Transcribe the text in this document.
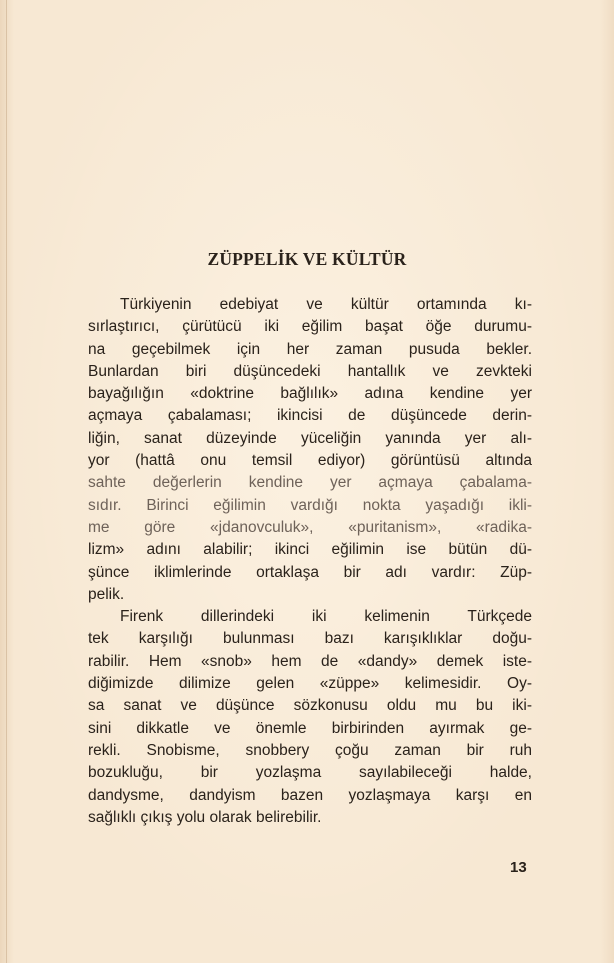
ZÜPPELİK VE KÜLTÜR
Türkiyenin edebiyat ve kültür ortamında kı-
sırlaştırıcı, çürütücü iki eğilim başat öğe durumu-
na geçebilmek için her zaman pusuda bekler.
Bunlardan biri düşüncedeki hantallık ve zevkteki
bayağılığın «doktrine bağlılık» adına kendine yer
açmaya çabalaması; ikincisi de düşüncede derin-
liğin, sanat düzeyinde yüceliğin yanında yer alı-
yor (hattâ onu temsil ediyor) görüntüsü altında
sahte değerlerin kendine yer açmaya çabalama-
sıdır. Birinci eğilimin vardığı nokta yaşadığı ikli-
me göre «jdanovculuk», «puritanism», «radika-
lizm» adını alabilir; ikinci eğilimin ise bütün dü-
şünce iklimlerinde ortaklaşa bir adı vardır: Züp-
pelik.
Firenk dillerindeki iki kelimenin Türkçede
tek karşılığı bulunması bazı karışıklıklar doğu-
rabilir. Hem «snob» hem de «dandy» demek iste-
diğimizde dilimize gelen «züppe» kelimesidir. Oy-
sa sanat ve düşünce sözkonusu oldu mu bu iki-
sini dikkatle ve önemle birbirinden ayırmak ge-
rekli. Snobisme, snobbery çoğu zaman bir ruh
bozukluğu, bir yozlaşma sayılabileceği halde,
dandysme, dandyism bazen yozlaşmaya karşı en
sağlıklı çıkış yolu olarak belirebilir.

13
